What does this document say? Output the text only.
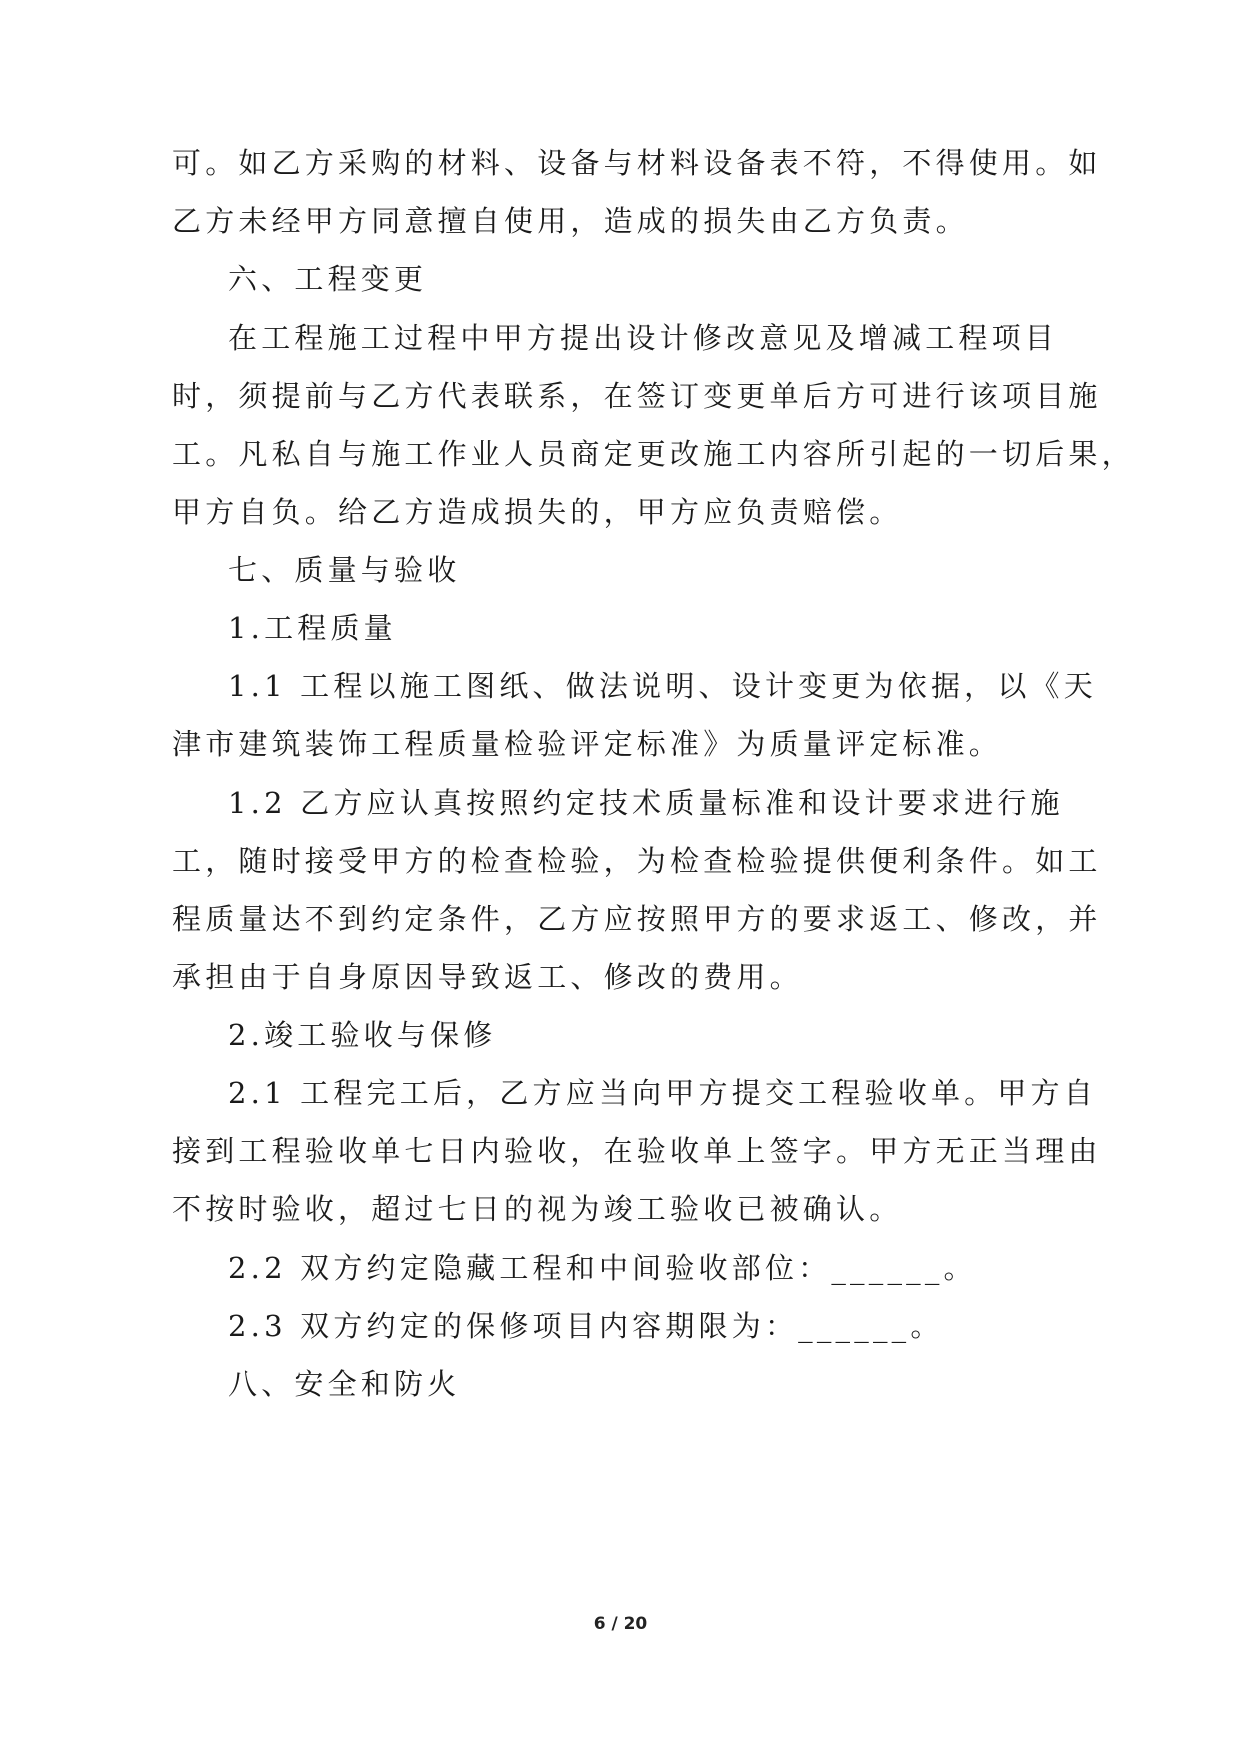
可。如乙方采购的材料、设备与材料设备表不符，不得使用。如
乙方未经甲方同意擅自使用，造成的损失由乙方负责。
六、工程变更
在工程施工过程中甲方提出设计修改意见及增减工程项目
时，须提前与乙方代表联系，在签订变更单后方可进行该项目施
工。凡私自与施工作业人员商定更改施工内容所引起的一切后果，
甲方自负。给乙方造成损失的，甲方应负责赔偿。
七、质量与验收
1.工程质量
1.1 工程以施工图纸、做法说明、设计变更为依据，以《天
津市建筑装饰工程质量检验评定标准》为质量评定标准。
1.2 乙方应认真按照约定技术质量标准和设计要求进行施
工，随时接受甲方的检查检验，为检查检验提供便利条件。如工
程质量达不到约定条件，乙方应按照甲方的要求返工、修改，并
承担由于自身原因导致返工、修改的费用。
2.竣工验收与保修
2.1 工程完工后，乙方应当向甲方提交工程验收单。甲方自
接到工程验收单七日内验收，在验收单上签字。甲方无正当理由
不按时验收，超过七日的视为竣工验收已被确认。
2.2 双方约定隐藏工程和中间验收部位：______。
2.3 双方约定的保修项目内容期限为：______。
八、安全和防火
6 / 20
